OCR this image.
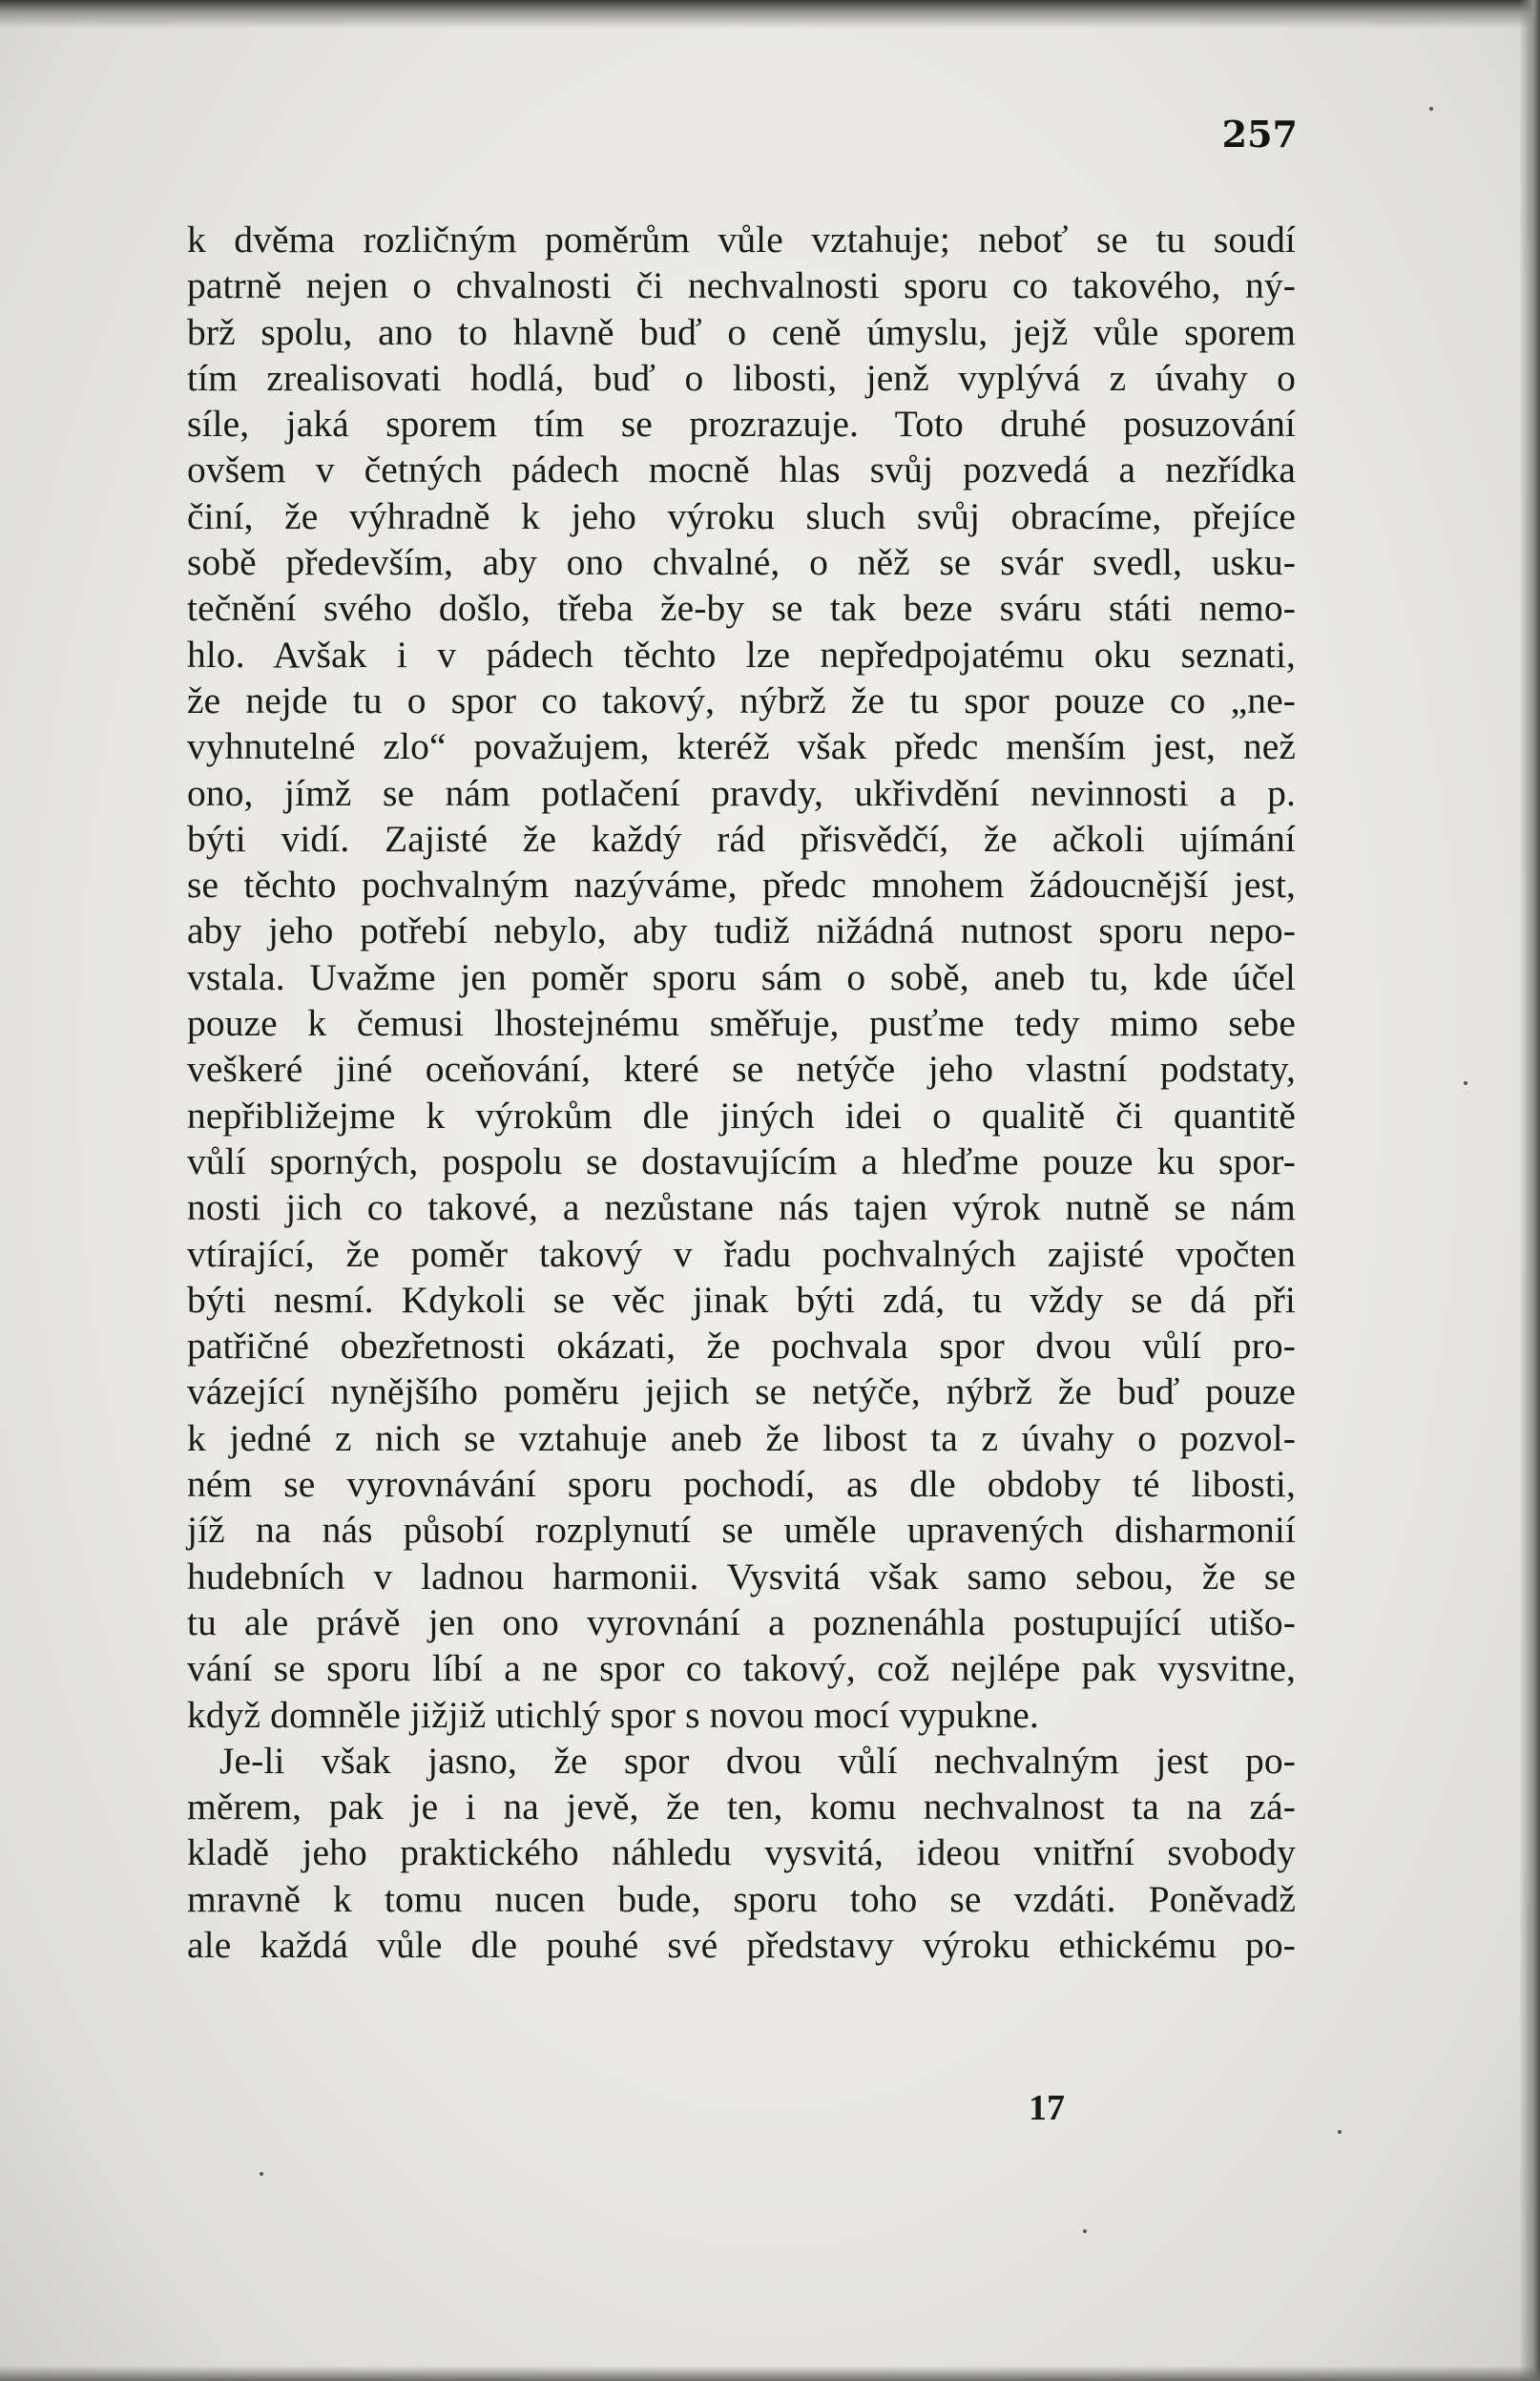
257
k dvěma rozličným poměrům vůle vztahuje; neboť se tu soudí
patrně nejen o chvalnosti či nechvalnosti sporu co takového, ný-
brž spolu, ano to hlavně buď o ceně úmyslu, jejž vůle sporem
tím zrealisovati hodlá, buď o libosti, jenž vyplývá z úvahy o
síle, jaká sporem tím se prozrazuje. Toto druhé posuzování
ovšem v četných pádech mocně hlas svůj pozvedá a nezřídka
činí, že výhradně k jeho výroku sluch svůj obracíme, přejíce
sobě především, aby ono chvalné, o něž se svár svedl, usku-
tečnění svého došlo, třeba že-by se tak beze sváru státi nemo-
hlo. Avšak i v pádech těchto lze nepředpojatému oku seznati,
že nejde tu o spor co takový, nýbrž že tu spor pouze co „ne-
vyhnutelné zlo“ považujem, kteréž však předc menším jest, než
ono, jímž se nám potlačení pravdy, ukřivdění nevinnosti a p.
býti vidí. Zajisté že každý rád přisvědčí, že ačkoli ujímání
se těchto pochvalným nazýváme, předc mnohem žádoucnější jest,
aby jeho potřebí nebylo, aby tudiž nižádná nutnost sporu nepo-
vstala. Uvažme jen poměr sporu sám o sobě, aneb tu, kde účel
pouze k čemusi lhostejnému směřuje, pusťme tedy mimo sebe
veškeré jiné oceňování, které se netýče jeho vlastní podstaty,
nepřibližejme k výrokům dle jiných idei o qualitě či quantitě
vůlí sporných, pospolu se dostavujícím a hleďme pouze ku spor-
nosti jich co takové, a nezůstane nás tajen výrok nutně se nám
vtírající, že poměr takový v řadu pochvalných zajisté vpočten
býti nesmí. Kdykoli se věc jinak býti zdá, tu vždy se dá při
patřičné obezřetnosti okázati, že pochvala spor dvou vůlí pro-
vázející nynějšího poměru jejich se netýče, nýbrž že buď pouze
k jedné z nich se vztahuje aneb že libost ta z úvahy o pozvol-
ném se vyrovnávání sporu pochodí, as dle obdoby té libosti,
jíž na nás působí rozplynutí se uměle upravených disharmonií
hudebních v ladnou harmonii. Vysvitá však samo sebou, že se
tu ale právě jen ono vyrovnání a poznenáhla postupující utišo-
vání se sporu líbí a ne spor co takový, což nejlépe pak vysvitne,
když domněle jižjiž utichlý spor s novou mocí vypukne.
Je-li však jasno, že spor dvou vůlí nechvalným jest po-
měrem, pak je i na jevě, že ten, komu nechvalnost ta na zá-
kladě jeho praktického náhledu vysvitá, ideou vnitřní svobody
mravně k tomu nucen bude, sporu toho se vzdáti. Poněvadž
ale každá vůle dle pouhé své představy výroku ethickému po-
17
